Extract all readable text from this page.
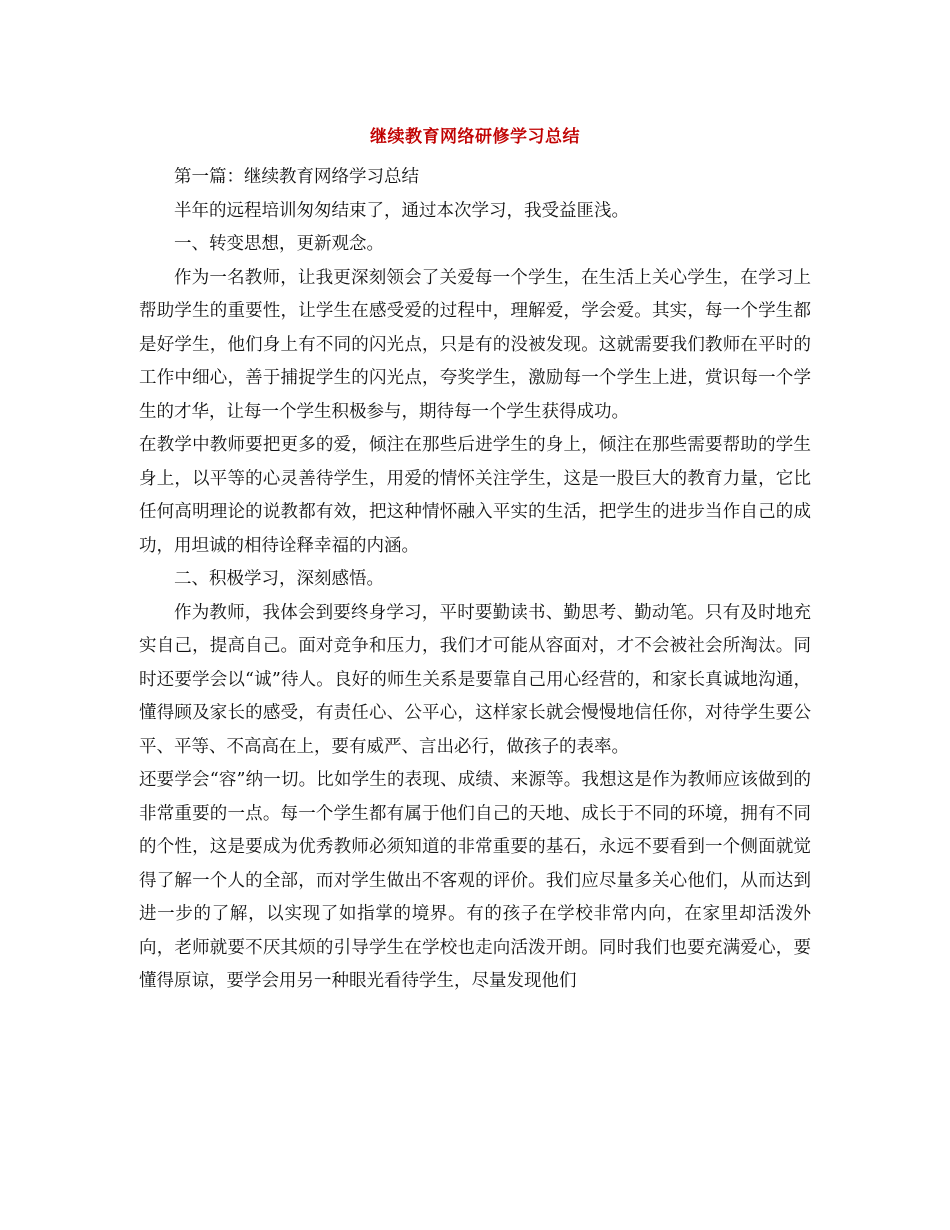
继续教育网络研修学习总结

第一篇：继续教育网络学习总结

半年的远程培训匆匆结束了，通过本次学习，我受益匪浅。

一、转变思想，更新观念。

作为一名教师，让我更深刻领会了关爱每一个学生，在生活上关心学生，在学习上帮助学生的重要性，让学生在感受爱的过程中，理解爱，学会爱。其实，每一个学生都是好学生，他们身上有不同的闪光点，只是有的没被发现。这就需要我们教师在平时的工作中细心，善于捕捉学生的闪光点，夸奖学生，激励每一个学生上进，赏识每一个学生的才华，让每一个学生积极参与，期待每一个学生获得成功。

在教学中教师要把更多的爱，倾注在那些后进学生的身上，倾注在那些需要帮助的学生身上，以平等的心灵善待学生，用爱的情怀关注学生，这是一股巨大的教育力量，它比任何高明理论的说教都有效，把这种情怀融入平实的生活，把学生的进步当作自己的成功，用坦诚的相待诠释幸福的内涵。

二、积极学习，深刻感悟。

作为教师，我体会到要终身学习，平时要勤读书、勤思考、勤动笔。只有及时地充实自己，提高自己。面对竞争和压力，我们才可能从容面对，才不会被社会所淘汰。同时还要学会以“诚”待人。良好的师生关系是要靠自己用心经营的，和家长真诚地沟通，懂得顾及家长的感受，有责任心、公平心，这样家长就会慢慢地信任你，对待学生要公平、平等、不高高在上，要有威严、言出必行，做孩子的表率。

还要学会“容”纳一切。比如学生的表现、成绩、来源等。我想这是作为教师应该做到的非常重要的一点。每一个学生都有属于他们自己的天地、成长于不同的环境，拥有不同的个性，这是要成为优秀教师必须知道的非常重要的基石，永远不要看到一个侧面就觉得了解一个人的全部，而对学生做出不客观的评价。我们应尽量多关心他们，从而达到进一步的了解，以实现了如指掌的境界。有的孩子在学校非常内向，在家里却活泼外向，老师就要不厌其烦的引导学生在学校也走向活泼开朗。同时我们也要充满爱心，要懂得原谅，要学会用另一种眼光看待学生，尽量发现他们
